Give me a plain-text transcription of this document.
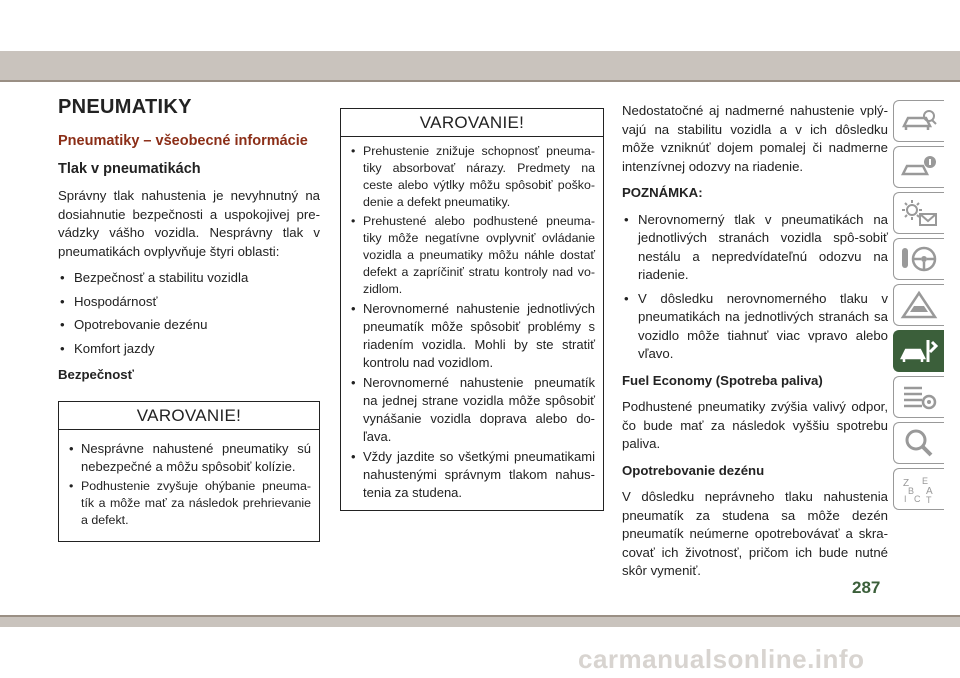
PNEUMATIKY
Pneumatiky – všeobecné informácie
Tlak v pneumatikách

Správny tlak nahustenia je nevyhnutný na dosiahnutie bezpečnosti a uspokojivej pre-vádzky vášho vozidla. Nesprávny tlak v pneumatikách ovplyvňuje štyri oblasti:

• Bezpečnosť a stabilitu vozidla
• Hospodárnosť
• Opotrebovanie dezénu
• Komfort jazdy

Bezpečnosť

VAROVANIE!
• Nesprávne nahustené pneumatiky sú nebezpečné a môžu spôsobiť kolízie.
• Podhustenie zvyšuje ohýbanie pneuma-tík a môže mať za následok prehrievanie a defekt.
VAROVANIE!
• Prehustenie znižuje schopnosť pneuma-tiky absorbovať nárazy. Predmety na ceste alebo výtlky môžu spôsobiť poško-denie a defekt pneumatiky.
• Prehustené alebo podhustené pneuma-tiky môže negatívne ovplyvniť ovládanie vozidla a pneumatiky môžu náhle dostať defekt a zapríčiniť stratu kontroly nad vo-zidlom.
• Nerovnomerné nahustenie jednotlivých pneumatík môže spôsobiť problémy s riadením vozidla. Mohli by ste stratiť kontrolu nad vozidlom.
• Nerovnomerné nahustenie pneumatík na jednej strane vozidla môže spôsobiť vynášanie vozidla doprava alebo do-ľava.
• Vždy jazdite so všetkými pneumatikami nahustenými správnym tlakom nahus-tenia za studena.

Nedostatočné aj nadmerné nahustenie vplý-vajú na stabilitu vozidla a v ich dôsledku môže vzniknúť dojem pomalej či nadmerne intenzívnej odozvy na riadenie.

POZNÁMKA:

• Nerovnomerný tlak v pneumatikách na jednotlivých stranách vozidla spô-sobiť nestálu a nepredvídateľnú odozvu na riadenie.
• V dôsledku nerovnomerného tlaku v pneumatikách na jednotlivých stranách sa vozidlo môže tiahnuť viac vpravo alebo vľavo.

Fuel Economy (Spotreba paliva)

Podhustené pneumatiky zvýšia valivý odpor, čo bude mať za následok vyššiu spotrebu paliva.

Opotrebovanie dezénu

V dôsledku neprávneho tlaku nahustenia pneumatík za studena sa môže dezén pneumatík neúmerne opotrebovávať a skra-covať ich životnosť, pričom ich bude nutné skôr vymeniť.

Z E
B A
I C T
287
carmanualsonline.info
